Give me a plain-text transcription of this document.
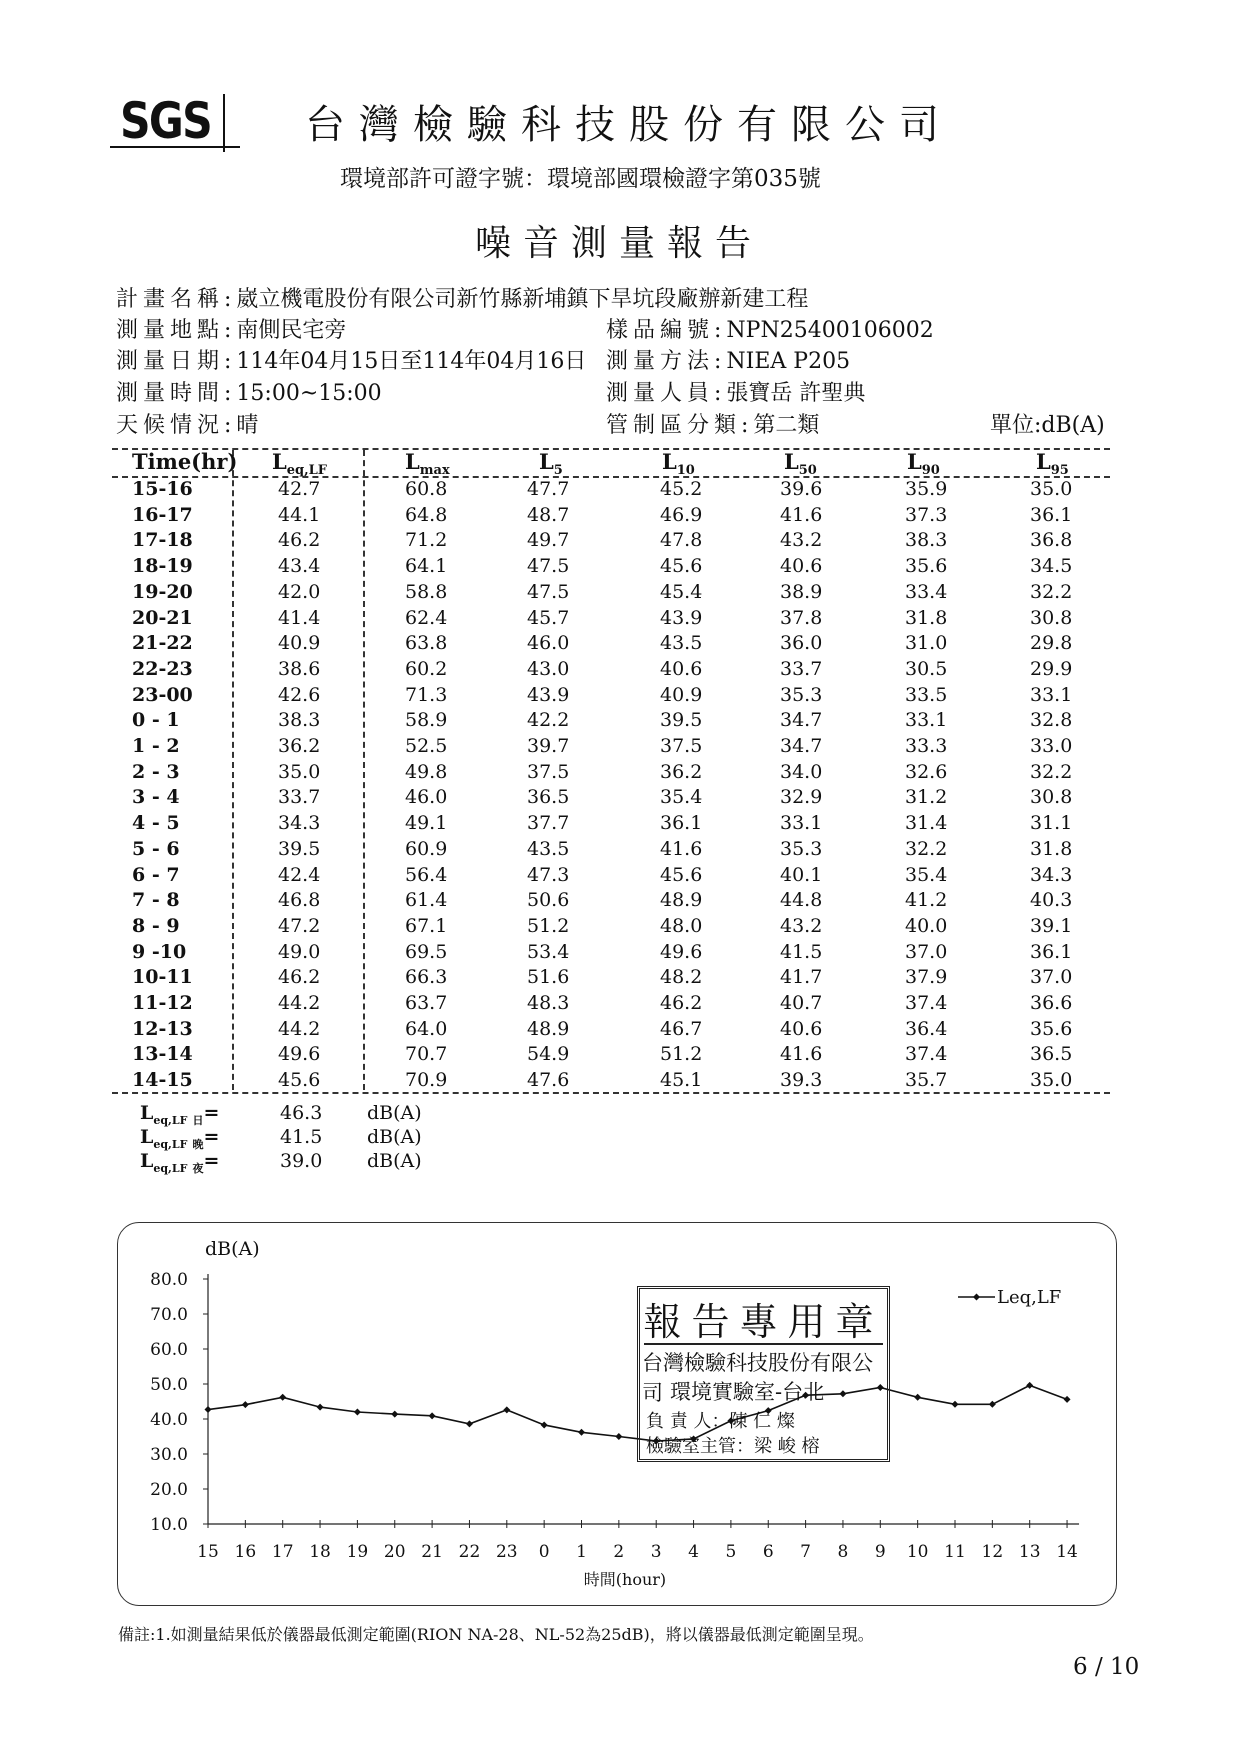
SGS 台灣檢驗科技股份有限公司
環境部許可證字號：環境部國環檢證字第035號
噪音測量報告
計畫名稱:崴立機電股份有限公司新竹縣新埔鎮下旱坑段廠辦新建工程
測量地點:南側民宅旁	樣品編號:NPN25400106002
測量日期:114年04月15日至114年04月16日 測量方法:NIEA P205
測量時間:15:00~15:00	測量人員:張寶岳 許聖典
天候情況:晴	管制區分類:第二類	單位:dB(A)
Time(hr) $L_{eq,LF}$	$L_{max}$	$L_5$	$L_{10}$	$L_{50}$	$L_{90}$	$L_{95}$
15-16	42.7	60.8	47.7	45.2	39.6	35.9	35.0
16-17	44.1	64.8	48.7	46.9	41.6	37.3	36.1
17-18	46.2	71.2	49.7	47.8	43.2	38.3	36.8
18-19	43.4	64.1	47.5	45.6	40.6	35.6	34.5
19-20	42.0	58.8	47.5	45.4	38.9	33.4	32.2
20-21	41.4	62.4	45.7	43.9	37.8	31.8	30.8
21-22	40.9	63.8	46.0	43.5	36.0	31.0	29.8
22-23	38.6	60.2	43.0	40.6	33.7	30.5	29.9
23-00	42.6	71.3	43.9	40.9	35.3	33.5	33.1
0 - 1	38.3	58.9	42.2	39.5	34.7	33.1	32.8
1 - 2	36.2	52.5	39.7	37.5	34.7	33.3	33.0
2 - 3	35.0	49.8	37.5	36.2	34.0	32.6	32.2
3 - 4	33.7	46.0	36.5	35.4	32.9	31.2	30.8
4 - 5	34.3	49.1	37.7	36.1	33.1	31.4	31.1
5 - 6	39.5	60.9	43.5	41.6	35.3	32.2	31.8
6 - 7	42.4	56.4	47.3	45.6	40.1	35.4	34.3
7 - 8	46.8	61.4	50.6	48.9	44.8	41.2	40.3
8 - 9	47.2	67.1	51.2	48.0	43.2	40.0	39.1
9 -10	49.0	69.5	53.4	49.6	41.5	37.0	36.1
10-11	46.2	66.3	51.6	48.2	41.7	37.9	37.0
11-12	44.2	63.7	48.3	46.2	40.7	37.4	36.6
12-13	44.2	64.0	48.9	46.7	40.6	36.4	35.6
13-14	49.6	70.7	54.9	51.2	41.6	37.4	36.5
14-15	45.6	70.9	47.6	45.1	39.3	35.7	35.0
$L_{eq,LF}$ $_日$=	46.3 dB(A)
$L_{eq,LF}$ $_晚$=	41.5 dB(A)
$L_{eq,LF}$ $_夜$=	39.0 dB(A)
80.0
70.0
60.0
50.0
40.0
30.0
20.0
10.0
15 16 17 18 19 20 21 22 23 0 1 2 3 4 5 6 7 8 9 10 11 12 13 14
dB(A)
時間(hour)
Leq,LF
報告專用章
台灣檢驗科技股份有限公司 環境實驗室-台北
負 責 人：陳 仁 燦
檢驗室主管：梁 峻 榕
備註:1.如測量結果低於儀器最低測定範圍(RION NA-28、NL-52為25dB)，將以儀器最低測定範圍呈現。
6 / 10
